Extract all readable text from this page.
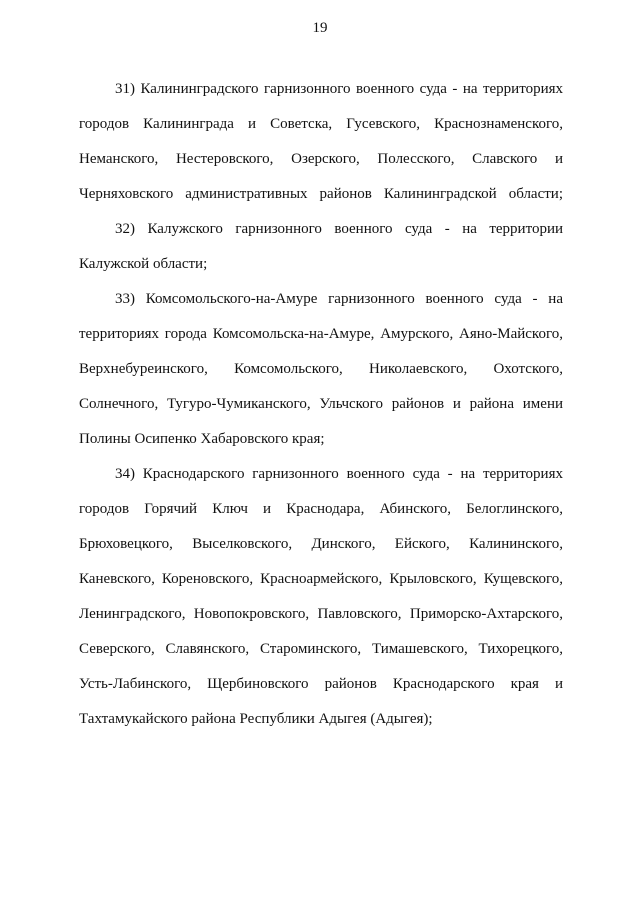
19
31) Калининградского гарнизонного военного суда - на территориях
городов Калининграда и Советска, Гусевского, Краснознаменского,
Неманского, Нестеровского, Озерского, Полесского, Славского и
Черняховского административных районов Калининградской области;
32) Калужского гарнизонного военного суда - на территории
Калужской области;
33) Комсомольского-на-Амуре гарнизонного военного суда - на
территориях города Комсомольска-на-Амуре, Амурского, Аяно-Майского,
Верхнебуреинского, Комсомольского, Николаевского, Охотского,
Солнечного, Тугуро-Чумиканского, Ульчского районов и района имени
Полины Осипенко Хабаровского края;
34) Краснодарского гарнизонного военного суда - на территориях
городов Горячий Ключ и Краснодара, Абинского, Белоглинского,
Брюховецкого, Выселковского, Динского, Ейского, Калининского,
Каневского, Кореновского, Красноармейского, Крыловского, Кущевского,
Ленинградского, Новопокровского, Павловского, Приморско-Ахтарского,
Северского, Славянского, Староминского, Тимашевского, Тихорецкого,
Усть-Лабинского, Щербиновского районов Краснодарского края и
Тахтамукайского района Республики Адыгея (Адыгея);
